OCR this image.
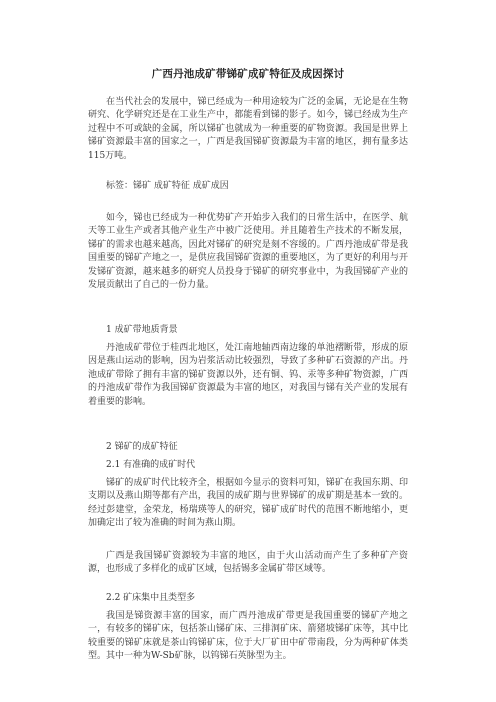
广西丹池成矿带锑矿成矿特征及成因探讨

在当代社会的发展中，锑已经成为一种用途较为广泛的金属，无论是在生物研究、化学研究还是在工业生产中，都能看到锑的影子。如今，锑已经成为生产过程中不可或缺的金属，所以锑矿也就成为一种重要的矿物资源。我国是世界上锑矿资源最丰富的国家之一，广西是我国锑矿资源最为丰富的地区，拥有量多达115万吨。

标签：锑矿 成矿特征 成矿成因

如今，锑也已经成为一种优势矿产开始步入我们的日常生活中，在医学、航天等工业生产或者其他产业生产中被广泛使用。并且随着生产技术的不断发展，锑矿的需求也越来越高，因此对锑矿的研究是刻不容缓的。广西丹池成矿带是我国重要的锑矿产地之一，是供应我国锑矿资源的重要地区，为了更好的利用与开发锑矿资源，越来越多的研究人员投身于锑矿的研究事业中，为我国锑矿产业的发展贡献出了自己的一份力量。

1 成矿带地质背景

丹池成矿带位于桂西北地区，处江南地轴西南边缘的单池褶断带，形成的原因是燕山运动的影响，因为岩浆活动比较强烈，导致了多种矿石资源的产出。丹池成矿带除了拥有丰富的锑矿资源以外，还有铜、钨、汞等多种矿物资源，广西的丹池成矿带作为我国锑矿资源最为丰富的地区，对我国与锑有关产业的发展有着重要的影响。

2 锑矿的成矿特征

2.1 有准确的成矿时代

锑矿的成矿时代比较齐全，根据如今显示的资料可知，锑矿在我国东期、印支期以及燕山期等都有产出，我国的成矿期与世界锑矿的成矿期是基本一致的。经过彭建堂，金荣龙，杨瑞瑛等人的研究，锑矿成矿时代的范围不断地缩小，更加确定出了较为准确的时间为燕山期。

广西是我国锑矿资源较为丰富的地区，由于火山活动而产生了多种矿产资源，也形成了多样化的成矿区域，包括锡多金属矿带区域等。

2.2 矿床集中且类型多

我国是锑资源丰富的国家，而广西丹池成矿带更是我国重要的锑矿产地之一，有较多的锑矿床，包括茶山锑矿床、三排洞矿床、箭猪坡锑矿床等，其中比较重要的锑矿床就是茶山钨锑矿床，位于大厂矿田中矿带南段，分为两种矿体类型。其中一种为W-Sb矿脉，以钨锑石英脉型为主。
